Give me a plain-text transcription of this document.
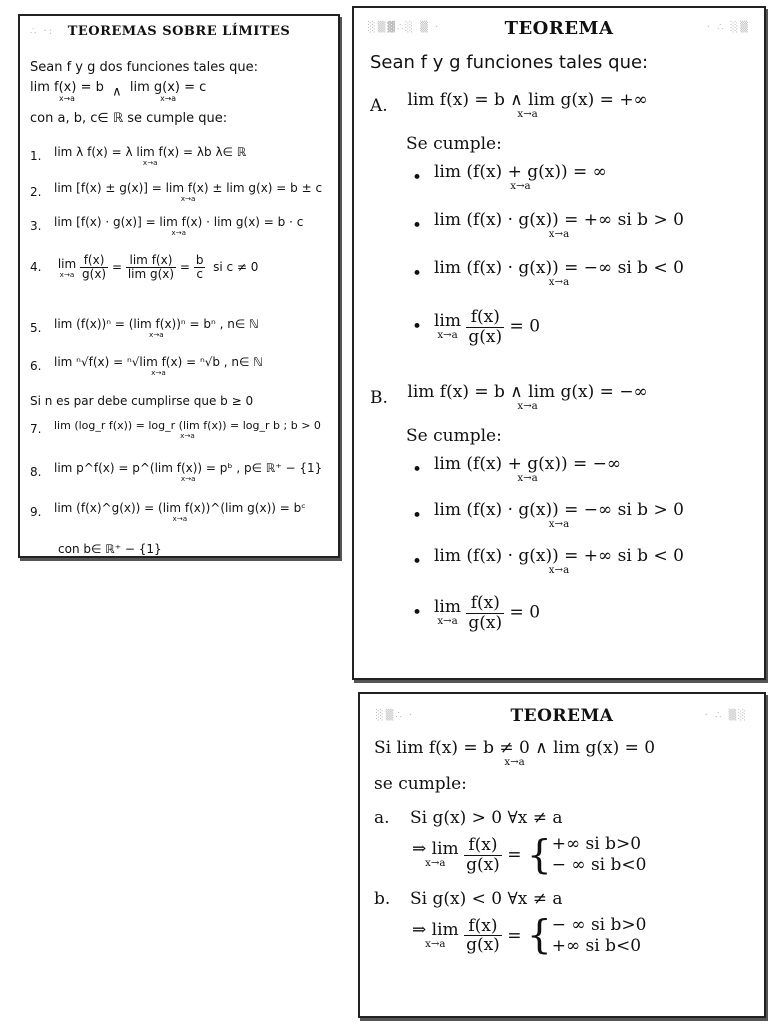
∴ ·:	TEOREMAS SOBRE LÍMITES
Sean f y g dos funciones tales que:
lim f(x) = b
x→a	∧ lim g(x) = c
x→a
con a, b, c∈ ℝ se cumple que:
1. lim λ f(x) = λ lim f(x) = λb λ∈ ℝ
x→a
2. lim [f(x) ± g(x)] = lim f(x) ± lim g(x) = b ± c
x→a
3. lim [f(x) · g(x)] = lim f(x) · lim g(x) = b · c
x→a
4. lim
x→a
$\frac{f(x)}{g(x)} = \frac{\text{lim f(x)}}{\text{lim g(x)}} = \frac{b}{c}$ si c ≠ 0
5. lim (f(x))ⁿ = (lim f(x))ⁿ = bⁿ , n∈ ℕ
x→a
6. lim ⁿ√f(x) = ⁿ√lim f(x) = ⁿ√b , n∈ ℕ
x→a
Si n es par debe cumplirse que b ≥ 0
7. lim (log_r f(x)) = log_r (lim f(x)) = log_r b ; b > 0
x→a
8. lim p^f(x) = p^(lim f(x)) = pᵇ , p∈ ℝ⁺ − {1}
x→a
9. lim (f(x)^g(x)) = (lim f(x))^(lim g(x)) = bᶜ
x→a
con b∈ ℝ⁺ − {1}
░▒▓∴░ ▒ ·	· ∴ ░▒
TEOREMA
Sean f y g funciones tales que:
A. lim f(x) = b ∧ lim g(x) = +∞
x→a
Se cumple:
• lim (f(x) + g(x)) = ∞
x→a
• lim (f(x) · g(x)) = +∞ si b > 0
x→a
• lim (f(x) · g(x)) = −∞ si b < 0
x→a
• lim
x→a
$\frac{f(x)}{g(x)} = 0$
B. lim f(x) = b ∧ lim g(x) = −∞
x→a
Se cumple:
• lim (f(x) + g(x)) = −∞
x→a
• lim (f(x) · g(x)) = −∞ si b > 0
x→a
• lim (f(x) · g(x)) = +∞ si b < 0
x→a
• lim
x→a
$\frac{f(x)}{g(x)} = 0$
░▒∴ ·	· ∴ ▒░
TEOREMA
Si lim f(x) = b ≠ 0 ∧ lim g(x) = 0
x→a
se cumple:
a. Si g(x) > 0 ∀x ≠ a
⇒ lim
x→a
	$\frac{f(x)}{g(x)}$ = { +∞ si b>0
− ∞ si b<0
b. Si g(x) < 0 ∀x ≠ a
⇒ lim
x→a
	$\frac{f(x)}{g(x)}$ = { − ∞ si b>0
+∞ si b<0
